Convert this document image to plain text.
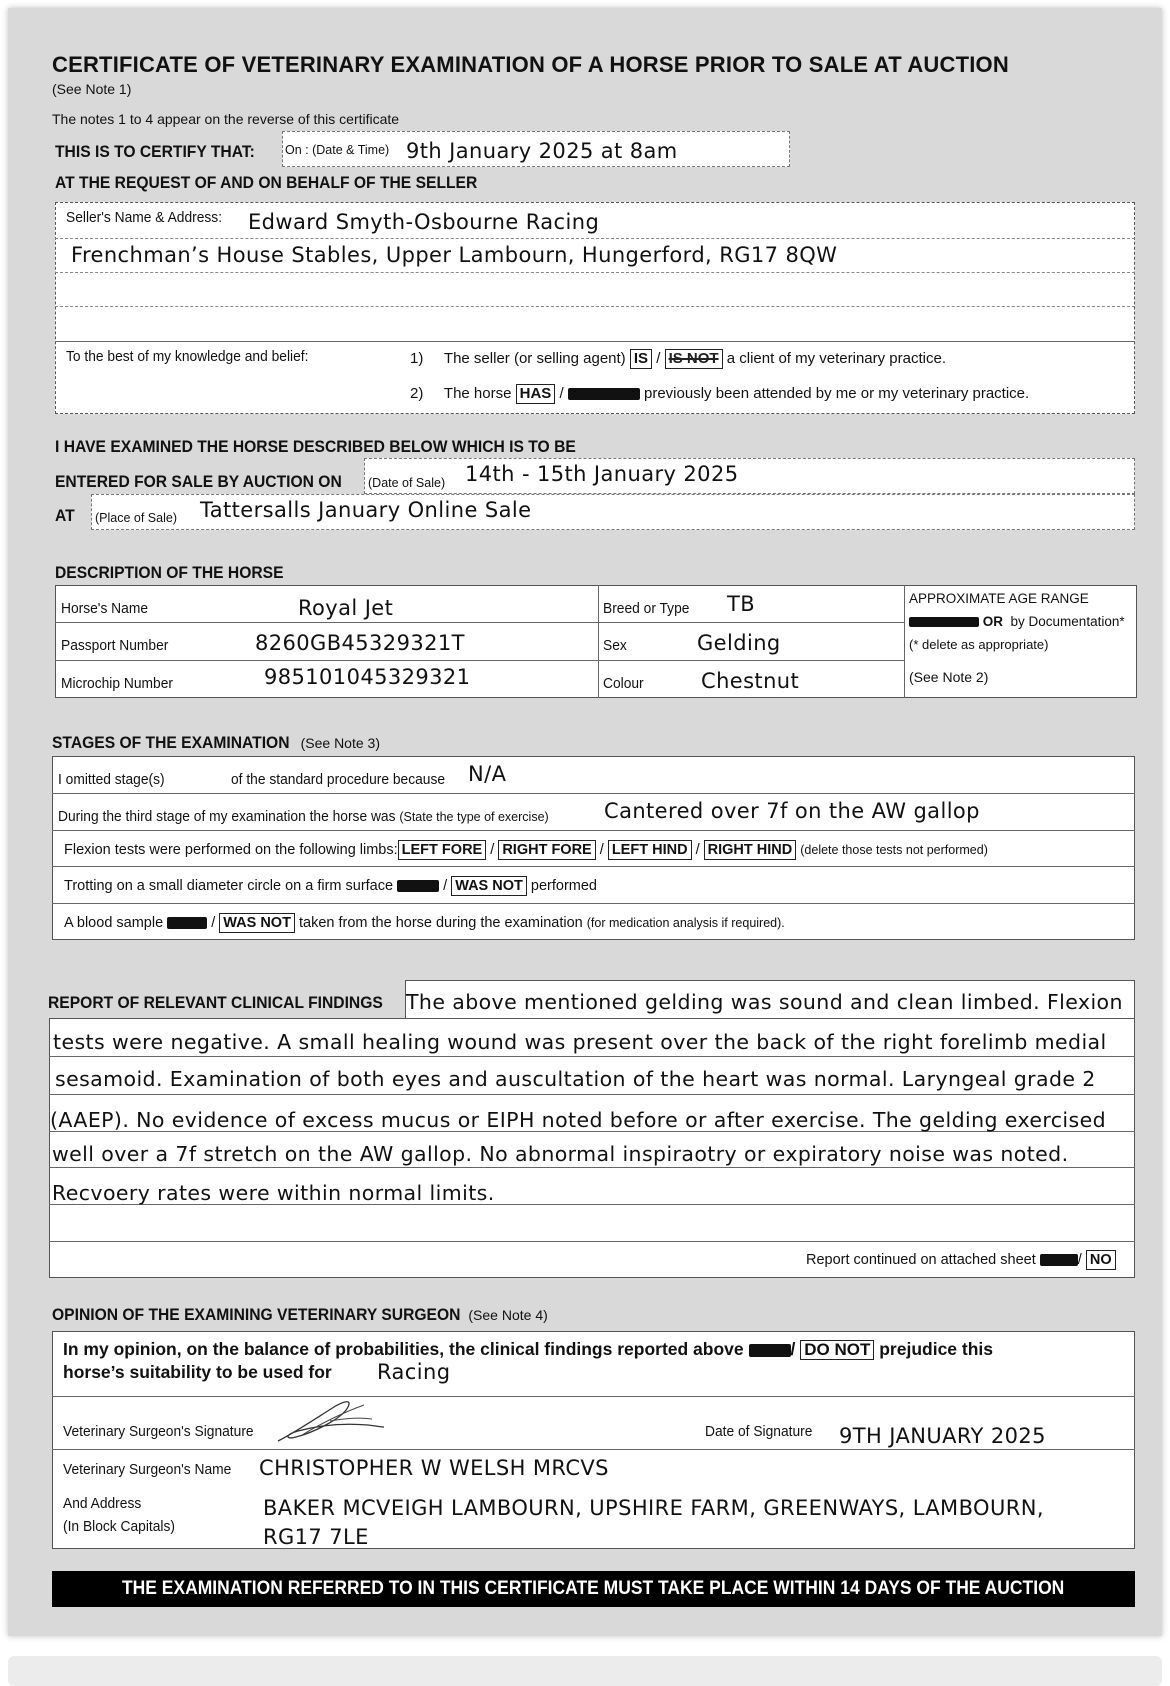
CERTIFICATE OF VETERINARY EXAMINATION OF A HORSE PRIOR TO SALE AT AUCTION
(See Note 1)
The notes 1 to 4 appear on the reverse of this certificate
THIS IS TO CERTIFY THAT: On : (Date & Time) 9th January 2025 at 8am
AT THE REQUEST OF AND ON BEHALF OF THE SELLER
Seller's Name & Address: Edward Smyth-Osbourne Racing
Frenchman’s House Stables, Upper Lambourn, Hungerford, RG17 8QW
To the best of my knowledge and belief:	1) The seller (or selling agent) IS / IS NOT a client of my veterinary practice.
2) The horse HAS /	previously been attended by me or my veterinary practice.
I HAVE EXAMINED THE HORSE DESCRIBED BELOW WHICH IS TO BE
ENTERED FOR SALE BY AUCTION ON (Date of Sale) 14th - 15th January 2025
AT (Place of Sale) Tattersalls January Online Sale
DESCRIPTION OF THE HORSE
Horse's Name	Royal Jet
Passport Number	8260GB45329321T
Microchip Number	985101045329321
Breed or Type TB
Sex	Gelding
Colour	Chestnut
APPROXIMATE AGE RANGE
OR by Documentation*
(* delete as appropriate)
(See Note 2)
STAGES OF THE EXAMINATION (See Note 3)
I omitted stage(s)	of the standard procedure because N/A
During the third stage of my examination the horse was (State the type of exercise)	Cantered over 7f on the AW gallop
Flexion tests were performed on the following limbs: LEFT FORE / RIGHT FORE / LEFT HIND / RIGHT HIND (delete those tests not performed)
Trotting on a small diameter circle on a firm surface	/ WAS NOT performed
A blood sample	/ WAS NOT taken from the horse during the examination (for medication analysis if required).
REPORT OF RELEVANT CLINICAL FINDINGS The above mentioned gelding was sound and clean limbed. Flexion
tests were negative. A small healing wound was present over the back of the right forelimb medial
sesamoid. Examination of both eyes and auscultation of the heart was normal. Laryngeal grade 2
(AAEP). No evidence of excess mucus or EIPH noted before or after exercise. The gelding exercised
well over a 7f stretch on the AW gallop. No abnormal inspiraotry or expiratory noise was noted.
Recvoery rates were within normal limits.
Report continued on attached sheet	/ NO
OPINION OF THE EXAMINING VETERINARY SURGEON (See Note 4)
In my opinion, on the balance of probabilities, the clinical findings reported above	/ DO NOT prejudice this
horse’s suitability to be used for Racing
Veterinary Surgeon's Signature	Date of Signature 9TH JANUARY 2025
Veterinary Surgeon's Name CHRISTOPHER W WELSH MRCVS
And Address
(In Block Capitals)
BAKER MCVEIGH LAMBOURN, UPSHIRE FARM, GREENWAYS, LAMBOURN,
RG17 7LE
THE EXAMINATION REFERRED TO IN THIS CERTIFICATE MUST TAKE PLACE WITHIN 14 DAYS OF THE AUCTION
